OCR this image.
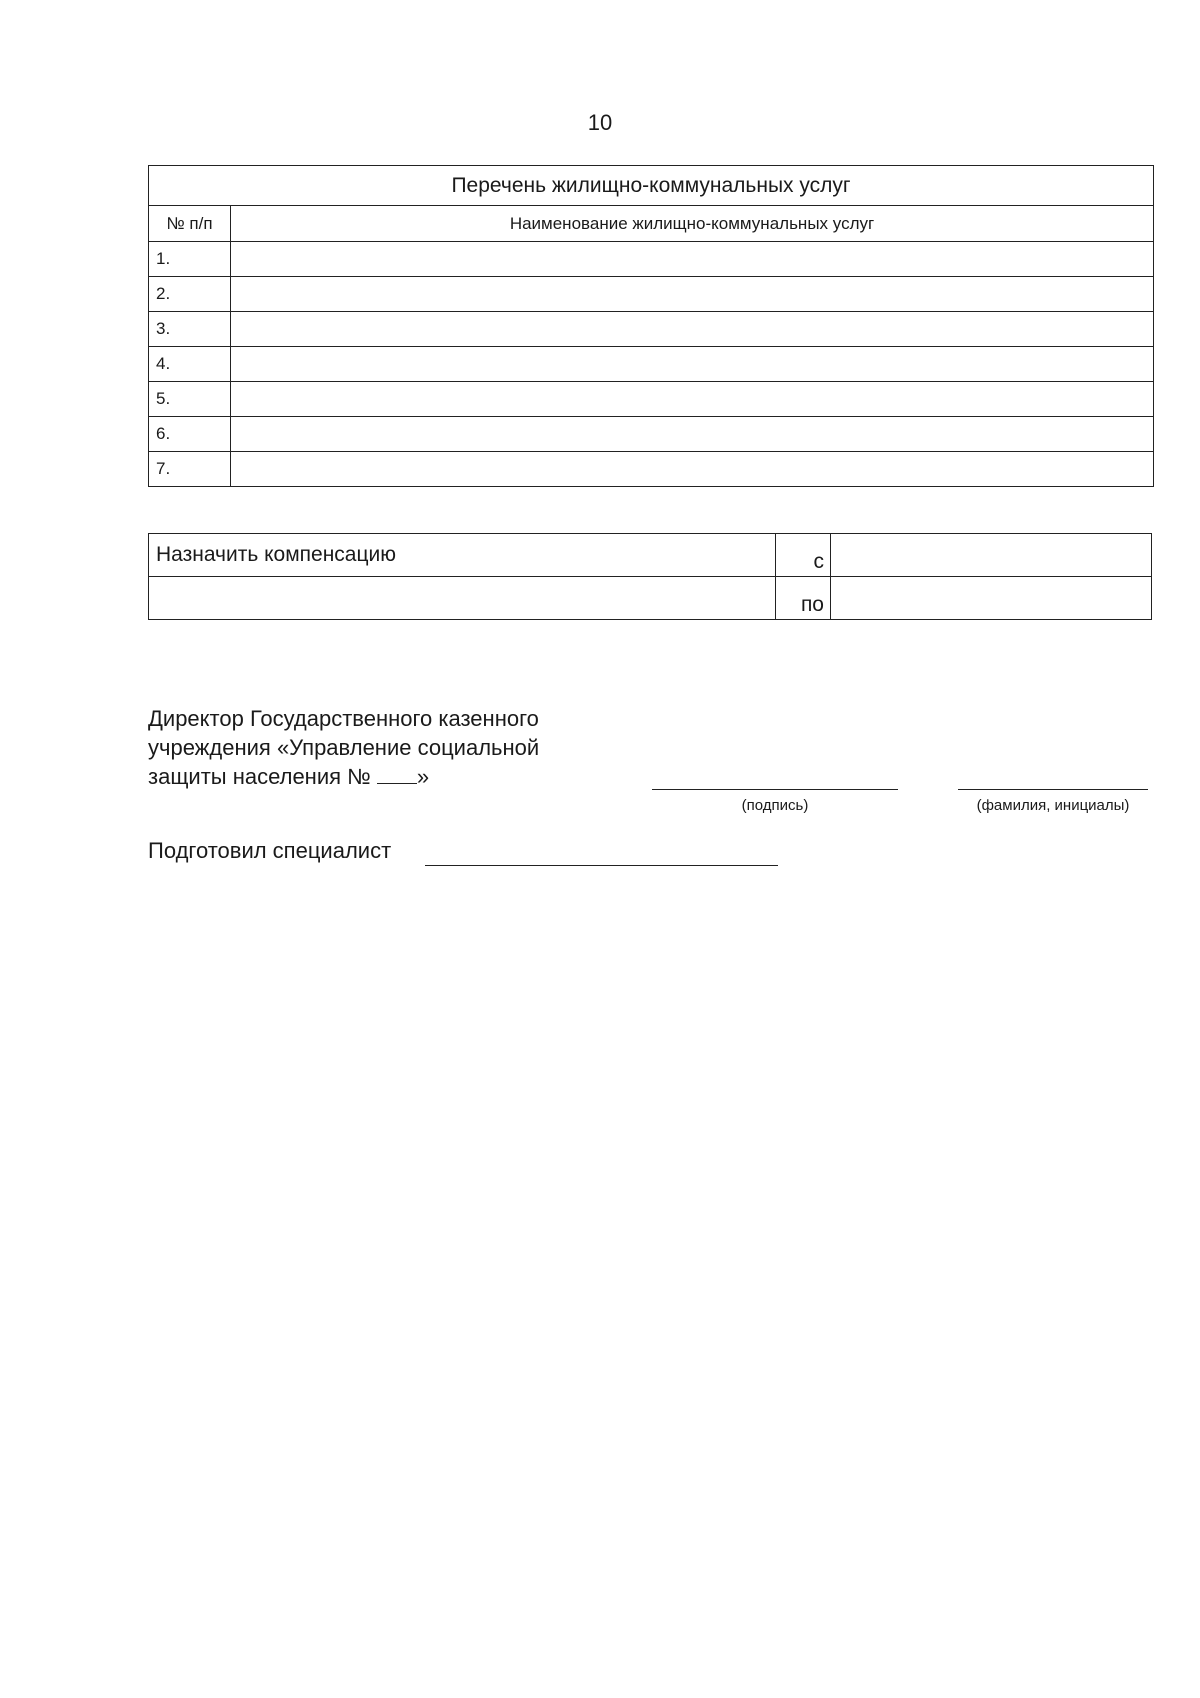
10
Перечень жилищно-коммунальных услуг	
№ п/п	Наименование жилищно-коммунальных услуг
1.	
2.	
3.	
4.	
5.	
6.	
7.	
Назначить компенсацию	с	
	по	
Директор Государственного казенного
учреждения «Управление социальной
защиты населения № »
(подпись)	(фамилия, инициалы)
Подготовил специалист
